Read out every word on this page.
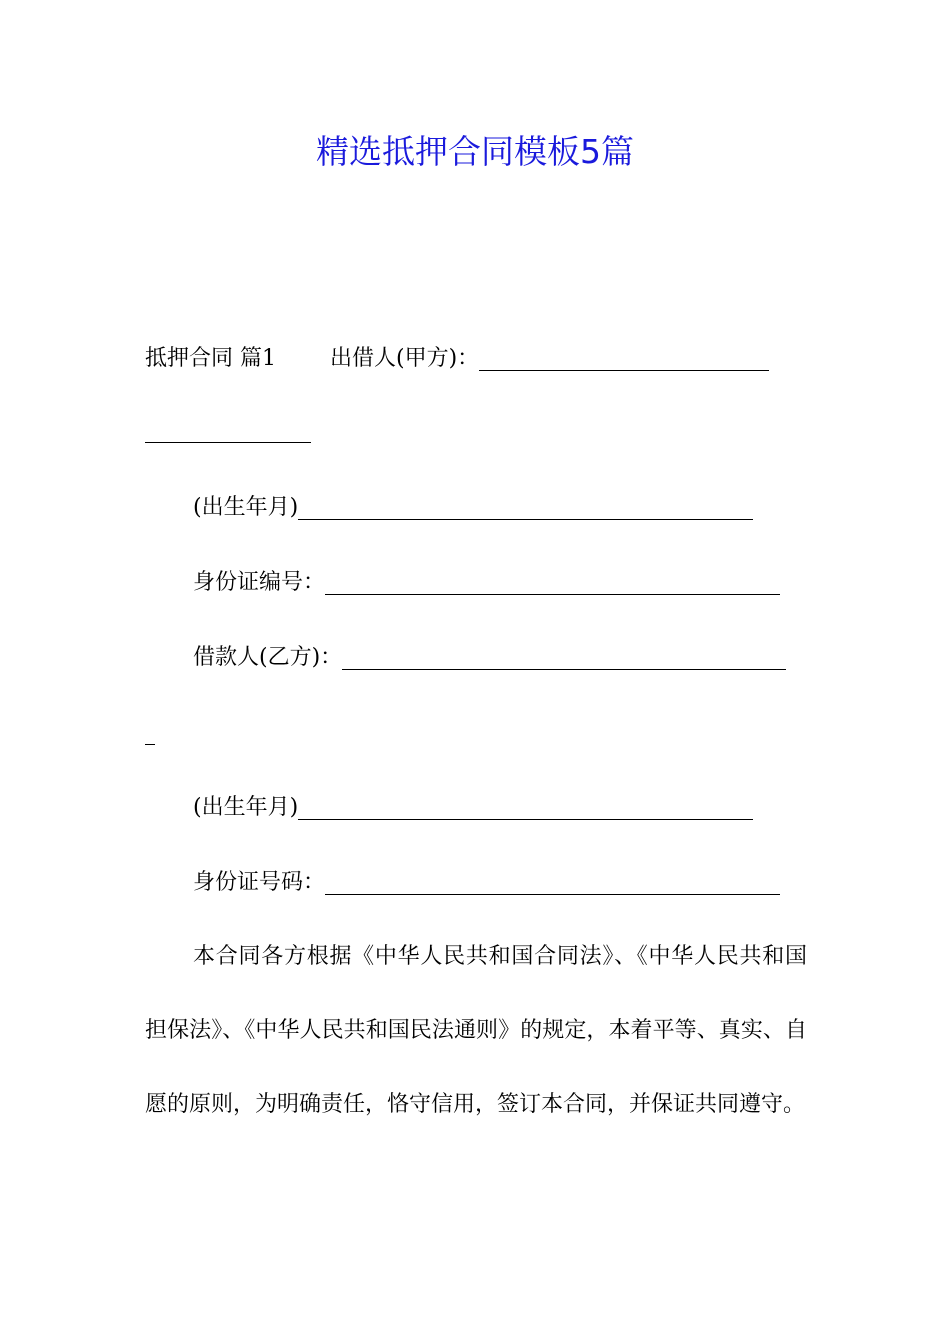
精选抵押合同模板5篇
抵押合同 篇1 出借人(甲方)：
(出生年月)
身份证编号：
借款人(乙方)：
(出生年月)
身份证号码：

本合同各方根据《中华人民共和国合同法》、《中华人民共和国担保法》、《中华人民共和国民法通则》的规定，本着平等、真实、自愿的原则，为明确责任，恪守信用，签订本合同，并保证共同遵守。
